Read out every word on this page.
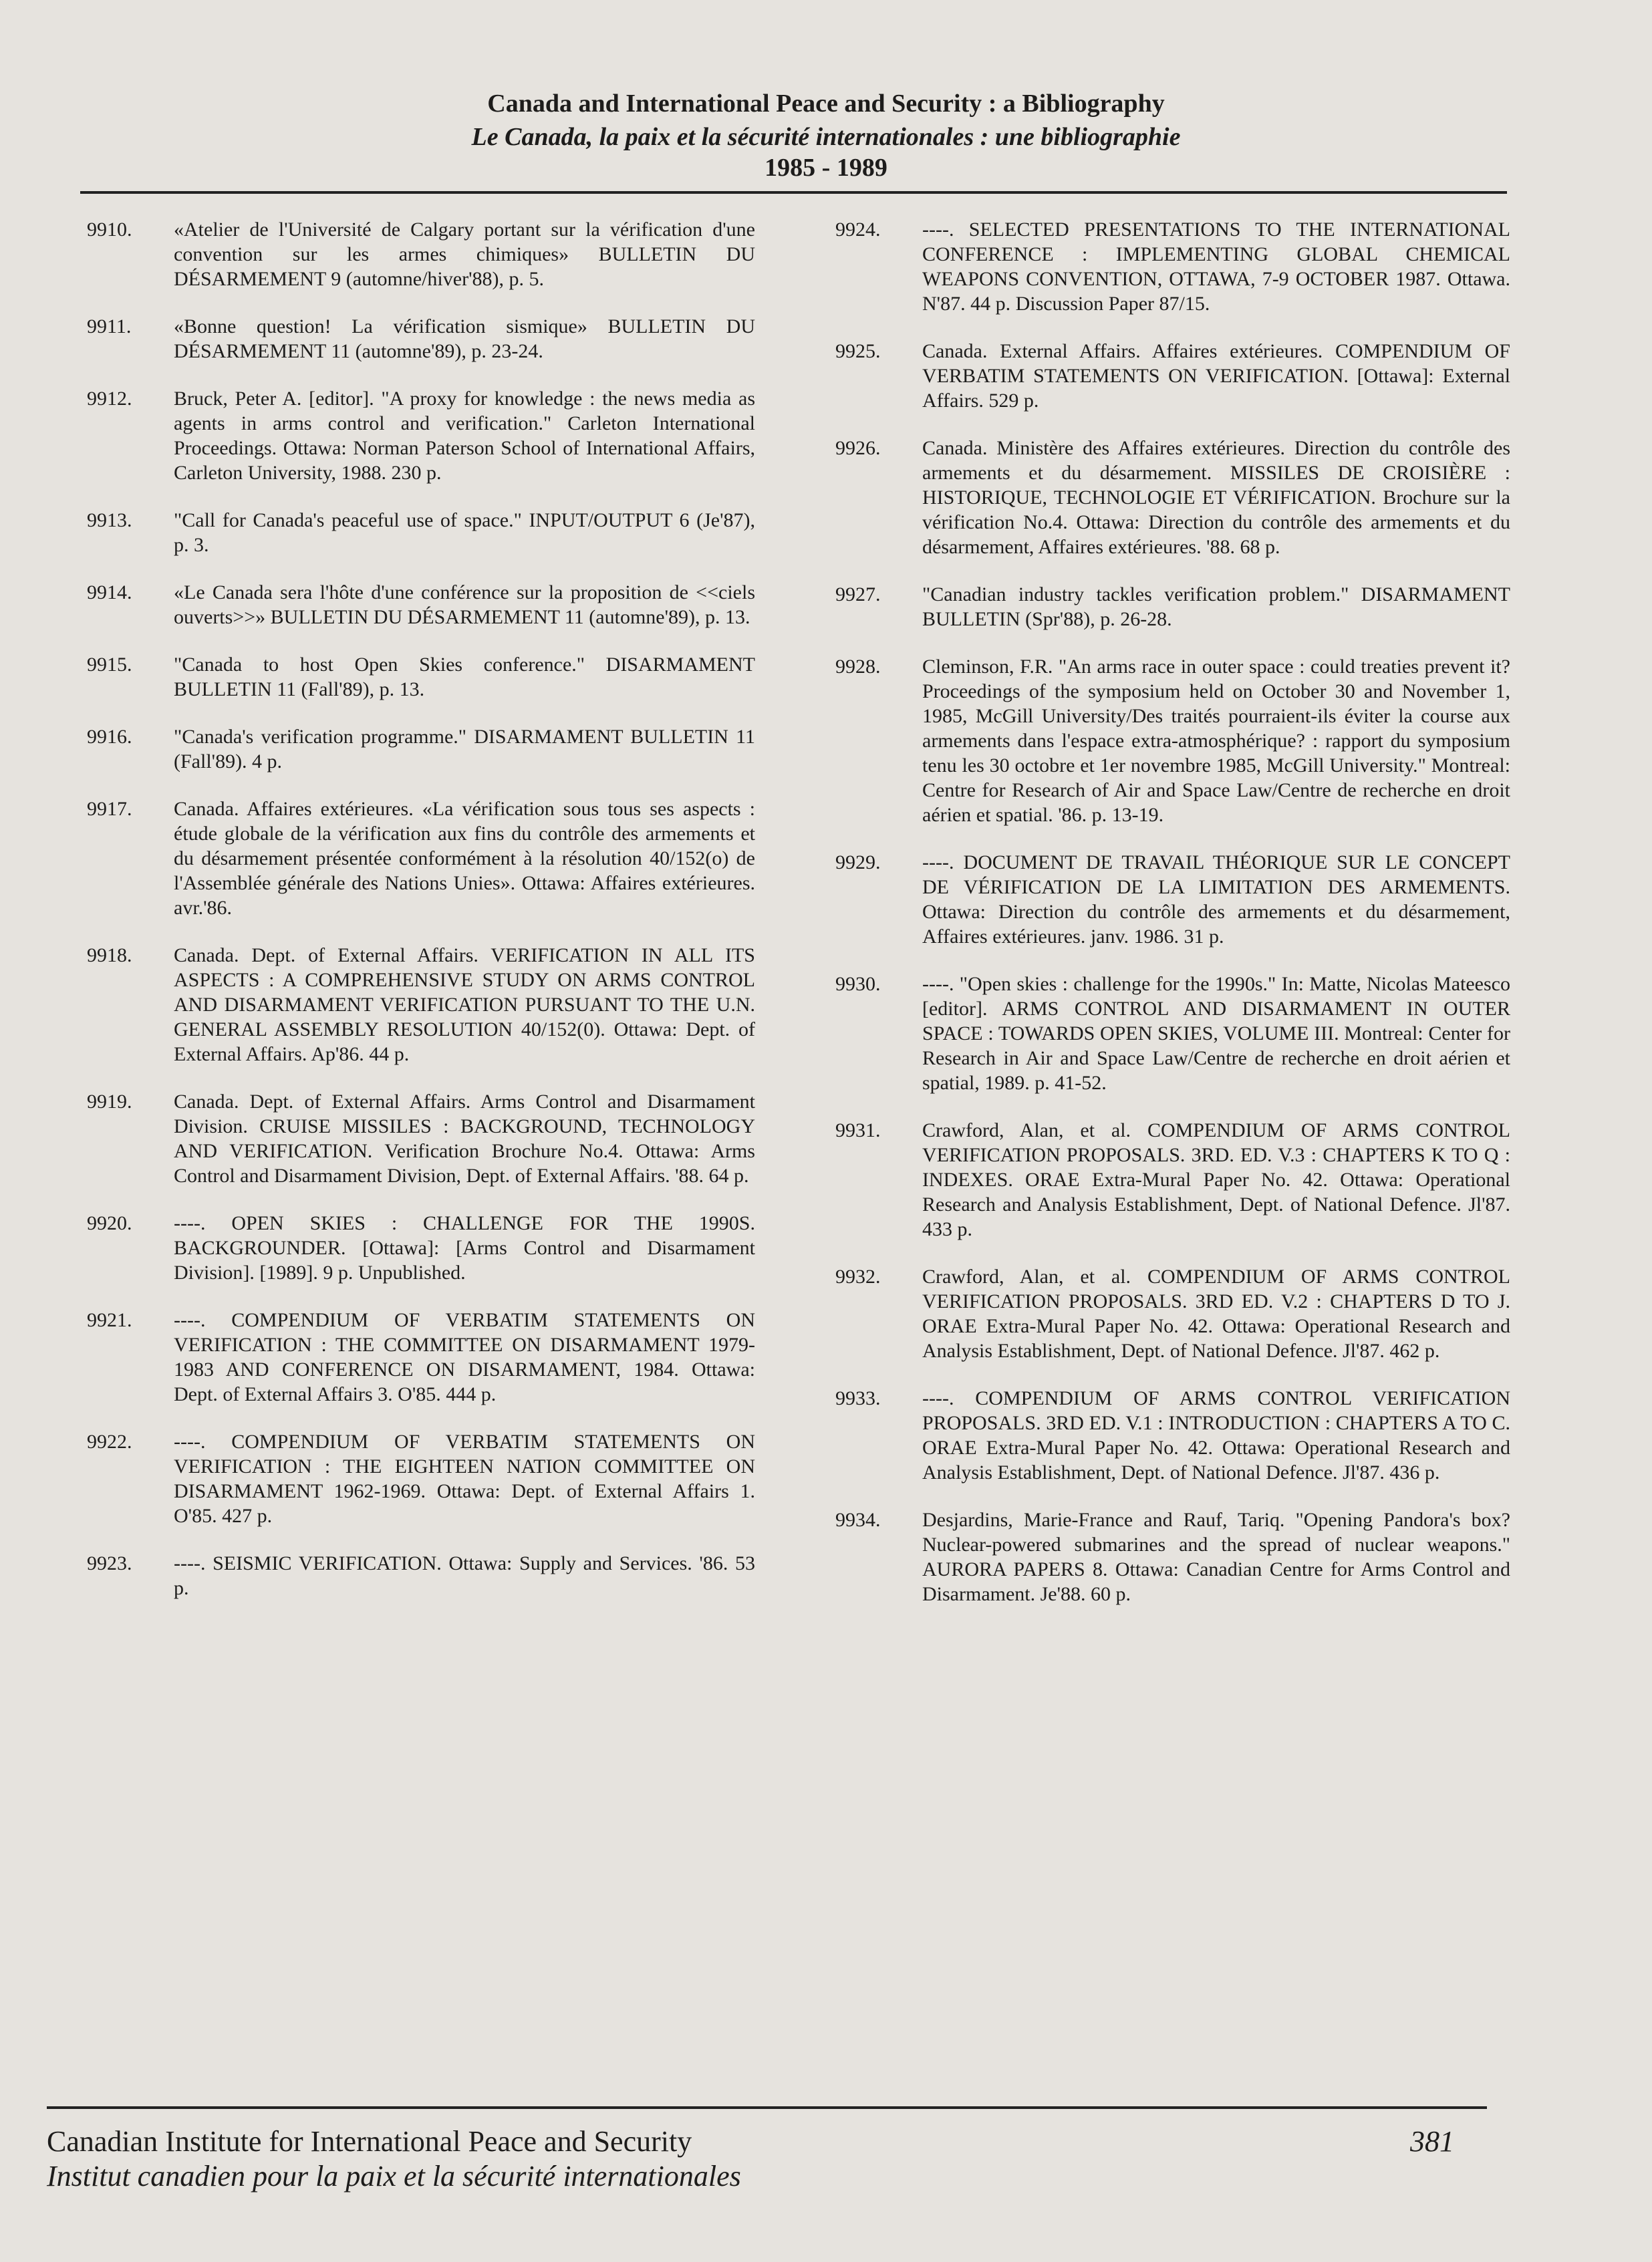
Canada and International Peace and Security : a Bibliography
Le Canada, la paix et la sécurité internationales : une bibliographie
1985 - 1989
9910.	«Atelier de l'Université de Calgary portant sur la vérification d'une convention sur les armes chimiques» BULLETIN DU DÉSARMEMENT 9 (automne/hiver'88), p. 5.
9911.	«Bonne question! La vérification sismique» BULLETIN DU DÉSARMEMENT 11 (automne'89), p. 23-24.
9912.	Bruck, Peter A. [editor]. "A proxy for knowledge : the news media as agents in arms control and verification." Carleton International Proceedings. Ottawa: Norman Paterson School of International Affairs, Carleton University, 1988. 230 p.
9913.	"Call for Canada's peaceful use of space." INPUT/OUTPUT 6 (Je'87), p. 3.
9914.	«Le Canada sera l'hôte d'une conférence sur la proposition de <<ciels ouverts>>» BULLETIN DU DÉSARMEMENT 11 (automne'89), p. 13.
9915.	"Canada to host Open Skies conference." DISARMAMENT BULLETIN 11 (Fall'89), p. 13.
9916.	"Canada's verification programme." DISARMAMENT BULLETIN 11 (Fall'89). 4 p.
9917.	Canada. Affaires extérieures. «La vérification sous tous ses aspects : étude globale de la vérification aux fins du contrôle des armements et du désarmement présentée conformément à la résolution 40/152(o) de l'Assemblée générale des Nations Unies». Ottawa: Affaires extérieures. avr.'86.
9918.	Canada. Dept. of External Affairs. VERIFICATION IN ALL ITS ASPECTS : A COMPREHENSIVE STUDY ON ARMS CONTROL AND DISARMAMENT VERIFICATION PURSUANT TO THE U.N. GENERAL ASSEMBLY RESOLUTION 40/152(0). Ottawa: Dept. of External Affairs. Ap'86. 44 p.
9919.	Canada. Dept. of External Affairs. Arms Control and Disarmament Division. CRUISE MISSILES : BACKGROUND, TECHNOLOGY AND VERIFICATION. Verification Brochure No.4. Ottawa: Arms Control and Disarmament Division, Dept. of External Affairs. '88. 64 p.
9920.	----. OPEN SKIES : CHALLENGE FOR THE 1990S. BACKGROUNDER. [Ottawa]: [Arms Control and Disarmament Division]. [1989]. 9 p. Unpublished.
9921.	----. COMPENDIUM OF VERBATIM STATEMENTS ON VERIFICATION : THE COMMITTEE ON DISARMAMENT 1979-1983 AND CONFERENCE ON DISARMAMENT, 1984. Ottawa: Dept. of External Affairs 3. O'85. 444 p.
9922.	----. COMPENDIUM OF VERBATIM STATEMENTS ON VERIFICATION : THE EIGHTEEN NATION COMMITTEE ON DISARMAMENT 1962-1969. Ottawa: Dept. of External Affairs 1. O'85. 427 p.
9923.	----. SEISMIC VERIFICATION. Ottawa: Supply and Services. '86. 53 p.
9924.	----. SELECTED PRESENTATIONS TO THE INTERNATIONAL CONFERENCE : IMPLEMENTING GLOBAL CHEMICAL WEAPONS CONVENTION, OTTAWA, 7-9 OCTOBER 1987. Ottawa. N'87. 44 p. Discussion Paper 87/15.
9925.	Canada. External Affairs. Affaires extérieures. COMPENDIUM OF VERBATIM STATEMENTS ON VERIFICATION. [Ottawa]: External Affairs. 529 p.
9926.	Canada. Ministère des Affaires extérieures. Direction du contrôle des armements et du désarmement. MISSILES DE CROISIÈRE : HISTORIQUE, TECHNOLOGIE ET VÉRIFICATION. Brochure sur la vérification No.4. Ottawa: Direction du contrôle des armements et du désarmement, Affaires extérieures. '88. 68 p.
9927.	"Canadian industry tackles verification problem." DISARMAMENT BULLETIN (Spr'88), p. 26-28.
9928.	Cleminson, F.R. "An arms race in outer space : could treaties prevent it? Proceedings of the symposium held on October 30 and November 1, 1985, McGill University/Des traités pourraient-ils éviter la course aux armements dans l'espace extra-atmosphérique? : rapport du symposium tenu les 30 octobre et 1er novembre 1985, McGill University." Montreal: Centre for Research of Air and Space Law/Centre de recherche en droit aérien et spatial. '86. p. 13-19.
9929.	----. DOCUMENT DE TRAVAIL THÉORIQUE SUR LE CONCEPT DE VÉRIFICATION DE LA LIMITATION DES ARMEMENTS. Ottawa: Direction du contrôle des armements et du désarmement, Affaires extérieures. janv. 1986. 31 p.
9930.	----. "Open skies : challenge for the 1990s." In: Matte, Nicolas Mateesco [editor]. ARMS CONTROL AND DISARMAMENT IN OUTER SPACE : TOWARDS OPEN SKIES, VOLUME III. Montreal: Center for Research in Air and Space Law/Centre de recherche en droit aérien et spatial, 1989. p. 41-52.
9931.	Crawford, Alan, et al. COMPENDIUM OF ARMS CONTROL VERIFICATION PROPOSALS. 3RD. ED. V.3 : CHAPTERS K TO Q : INDEXES. ORAE Extra-Mural Paper No. 42. Ottawa: Operational Research and Analysis Establishment, Dept. of National Defence. Jl'87. 433 p.
9932.	Crawford, Alan, et al. COMPENDIUM OF ARMS CONTROL VERIFICATION PROPOSALS. 3RD ED. V.2 : CHAPTERS D TO J. ORAE Extra-Mural Paper No. 42. Ottawa: Operational Research and Analysis Establishment, Dept. of National Defence. Jl'87. 462 p.
9933.	----. COMPENDIUM OF ARMS CONTROL VERIFICATION PROPOSALS. 3RD ED. V.1 : INTRODUCTION : CHAPTERS A TO C. ORAE Extra-Mural Paper No. 42. Ottawa: Operational Research and Analysis Establishment, Dept. of National Defence. Jl'87. 436 p.
9934.	Desjardins, Marie-France and Rauf, Tariq. "Opening Pandora's box? Nuclear-powered submarines and the spread of nuclear weapons." AURORA PAPERS 8. Ottawa: Canadian Centre for Arms Control and Disarmament. Je'88. 60 p.
Canadian Institute for International Peace and Security
Institut canadien pour la paix et la sécurité internationales
381
